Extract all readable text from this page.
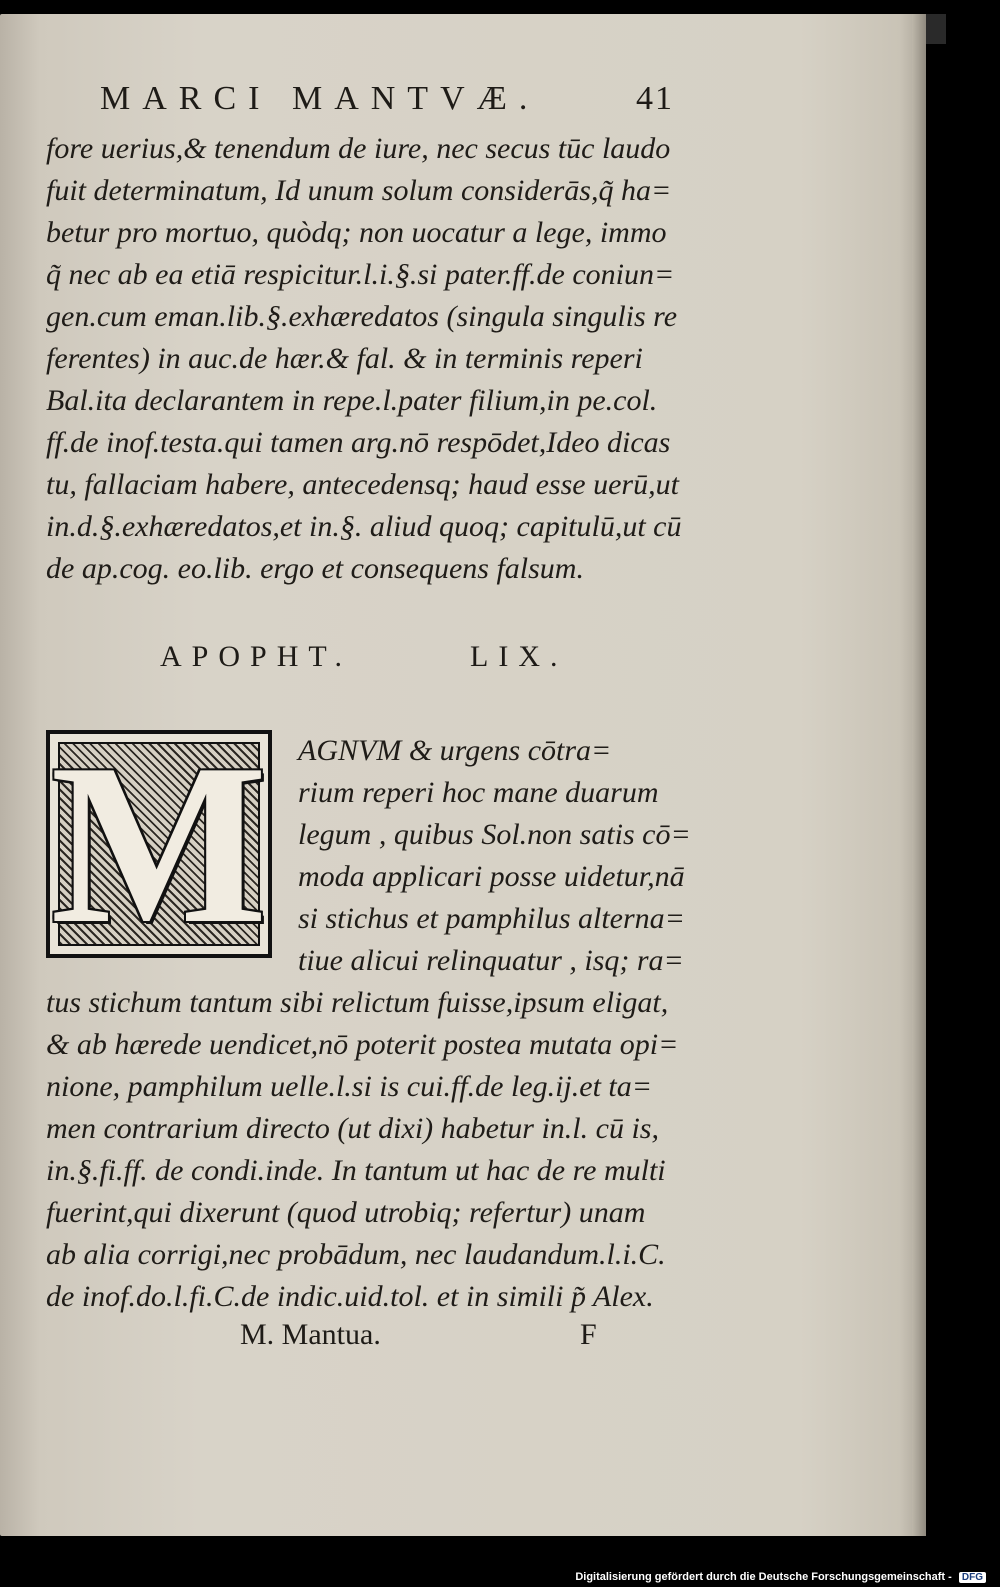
MARCI MANTVÆ.	41
fore uerius,& tenendum de iure, nec secus tūc laudo
fuit determinatum, Id unum solum considerās,q̃ ha=
betur pro mortuo, quòdq; non uocatur a lege, immo
q̃ nec ab ea etiā respicitur.l.i.§.si pater.ff.de coniun=
gen.cum eman.lib.§.exhæredatos (singula singulis re
ferentes) in auc.de hær.& fal. & in terminis reperi
Bal.ita declarantem in repe.l.pater filium,in pe.col.
ff.de inof.testa.qui tamen arg.nō respōdet,Ideo dicas
tu, fallaciam habere, antecedensq; haud esse uerū,ut
in.d.§.exhæredatos,et in.§. aliud quoq; capitulū,ut cū
de ap.cog. eo.lib. ergo et consequens falsum.
APOPHT.	LIX.
M AGNVM & urgens cōtra=
rium reperi hoc mane duarum
legum , quibus Sol.non satis cō=
moda applicari posse uidetur,nā
si stichus et pamphilus alterna=
tiue alicui relinquatur , isq; ra=
tus stichum tantum sibi relictum fuisse,ipsum eligat,
& ab hærede uendicet,nō poterit postea mutata opi=
nione, pamphilum uelle.l.si is cui.ff.de leg.ij.et ta=
men contrarium directo (ut dixi) habetur in.l. cū is,
in.§.fi.ff. de condi.inde. In tantum ut hac de re multi
fuerint,qui dixerunt (quod utrobiq; refertur) unam
ab alia corrigi,nec probādum, nec laudandum.l.i.C.
de inof.do.l.fi.C.de indic.uid.tol. et in simili p̃ Alex.
M. Mantua.	F
Digitalisierung gefördert durch die Deutsche Forschungsgemeinschaft - DFG
